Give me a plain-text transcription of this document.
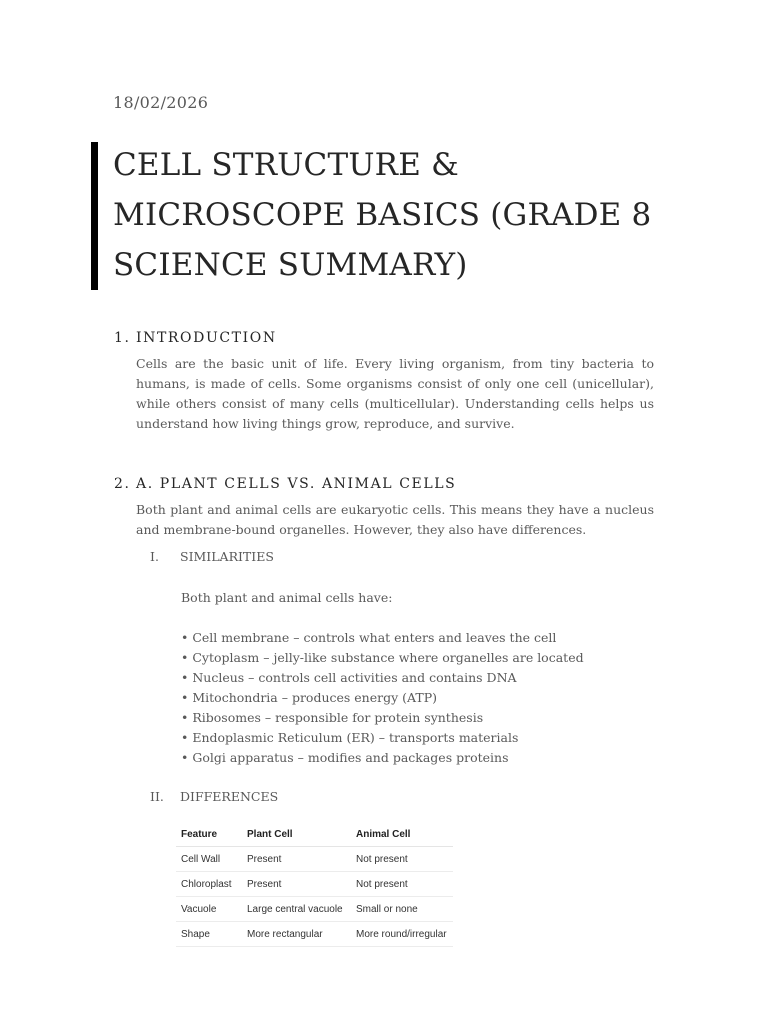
18/02/2026
CELL STRUCTURE & MICROSCOPE BASICS (GRADE 8 SCIENCE SUMMARY)
1. INTRODUCTION

Cells are the basic unit of life. Every living organism, from tiny bacteria to humans, is made of cells. Some organisms consist of only one cell (unicellular), while others consist of many cells (multicellular). Understanding cells helps us understand how living things grow, reproduce, and survive.

2. A. PLANT CELLS VS. ANIMAL CELLS

Both plant and animal cells are eukaryotic cells. This means they have a nucleus and membrane-bound organelles. However, they also have differences.

I. SIMILARITIES

Both plant and animal cells have:

• Cell membrane – controls what enters and leaves the cell
• Cytoplasm – jelly-like substance where organelles are located
• Nucleus – controls cell activities and contains DNA
• Mitochondria – produces energy (ATP)
• Ribosomes – responsible for protein synthesis
• Endoplasmic Reticulum (ER) – transports materials
• Golgi apparatus – modifies and packages proteins
II. DIFFERENCES
Feature	Plant Cell	Animal Cell
Cell Wall	Present	Not present
Chloroplast	Present	Not present
Vacuole	Large central vacuole	Small or none
Shape	More rectangular	More round/irregular
